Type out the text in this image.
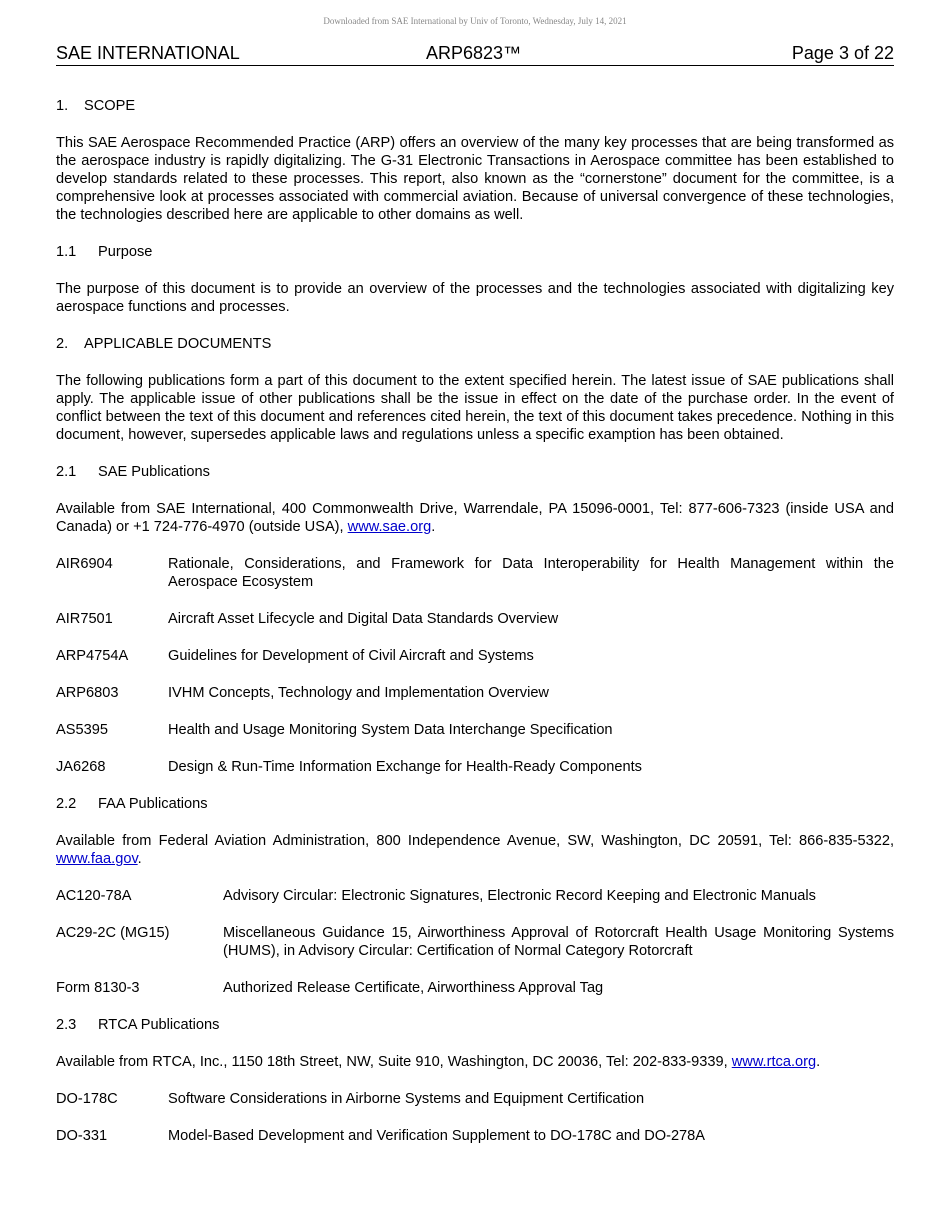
Downloaded from SAE International by Univ of Toronto, Wednesday, July 14, 2021
SAE INTERNATIONAL	ARP6823™	Page 3 of 22
1. SCOPE
This SAE Aerospace Recommended Practice (ARP) offers an overview of the many key processes that are being transformed as the aerospace industry is rapidly digitalizing. The G-31 Electronic Transactions in Aerospace committee has been established to develop standards related to these processes. This report, also known as the “cornerstone” document for the committee, is a comprehensive look at processes associated with commercial aviation. Because of universal convergence of these technologies, the technologies described here are applicable to other domains as well.
1.1 Purpose
The purpose of this document is to provide an overview of the processes and the technologies associated with digitalizing key aerospace functions and processes.
2. APPLICABLE DOCUMENTS
The following publications form a part of this document to the extent specified herein. The latest issue of SAE publications shall apply. The applicable issue of other publications shall be the issue in effect on the date of the purchase order. In the event of conflict between the text of this document and references cited herein, the text of this document takes precedence. Nothing in this document, however, supersedes applicable laws and regulations unless a specific examption has been obtained.
2.1 SAE Publications
Available from SAE International, 400 Commonwealth Drive, Warrendale, PA 15096-0001, Tel: 877-606-7323 (inside USA and Canada) or +1 724-776-4970 (outside USA), www.sae.org.
AIR6904	Rationale, Considerations, and Framework for Data Interoperability for Health Management within the Aerospace Ecosystem
AIR7501	Aircraft Asset Lifecycle and Digital Data Standards Overview
ARP4754A	Guidelines for Development of Civil Aircraft and Systems
ARP6803	IVHM Concepts, Technology and Implementation Overview
AS5395	Health and Usage Monitoring System Data Interchange Specification
JA6268	Design & Run-Time Information Exchange for Health-Ready Components
2.2 FAA Publications
Available from Federal Aviation Administration, 800 Independence Avenue, SW, Washington, DC 20591, Tel: 866-835-5322, www.faa.gov.
AC120-78A	Advisory Circular: Electronic Signatures, Electronic Record Keeping and Electronic Manuals
AC29-2C (MG15)	Miscellaneous Guidance 15, Airworthiness Approval of Rotorcraft Health Usage Monitoring Systems (HUMS), in Advisory Circular: Certification of Normal Category Rotorcraft
Form 8130-3	Authorized Release Certificate, Airworthiness Approval Tag
2.3 RTCA Publications
Available from RTCA, Inc., 1150 18th Street, NW, Suite 910, Washington, DC 20036, Tel: 202-833-9339, www.rtca.org.
DO-178C	Software Considerations in Airborne Systems and Equipment Certification
DO-331	Model-Based Development and Verification Supplement to DO-178C and DO-278A
